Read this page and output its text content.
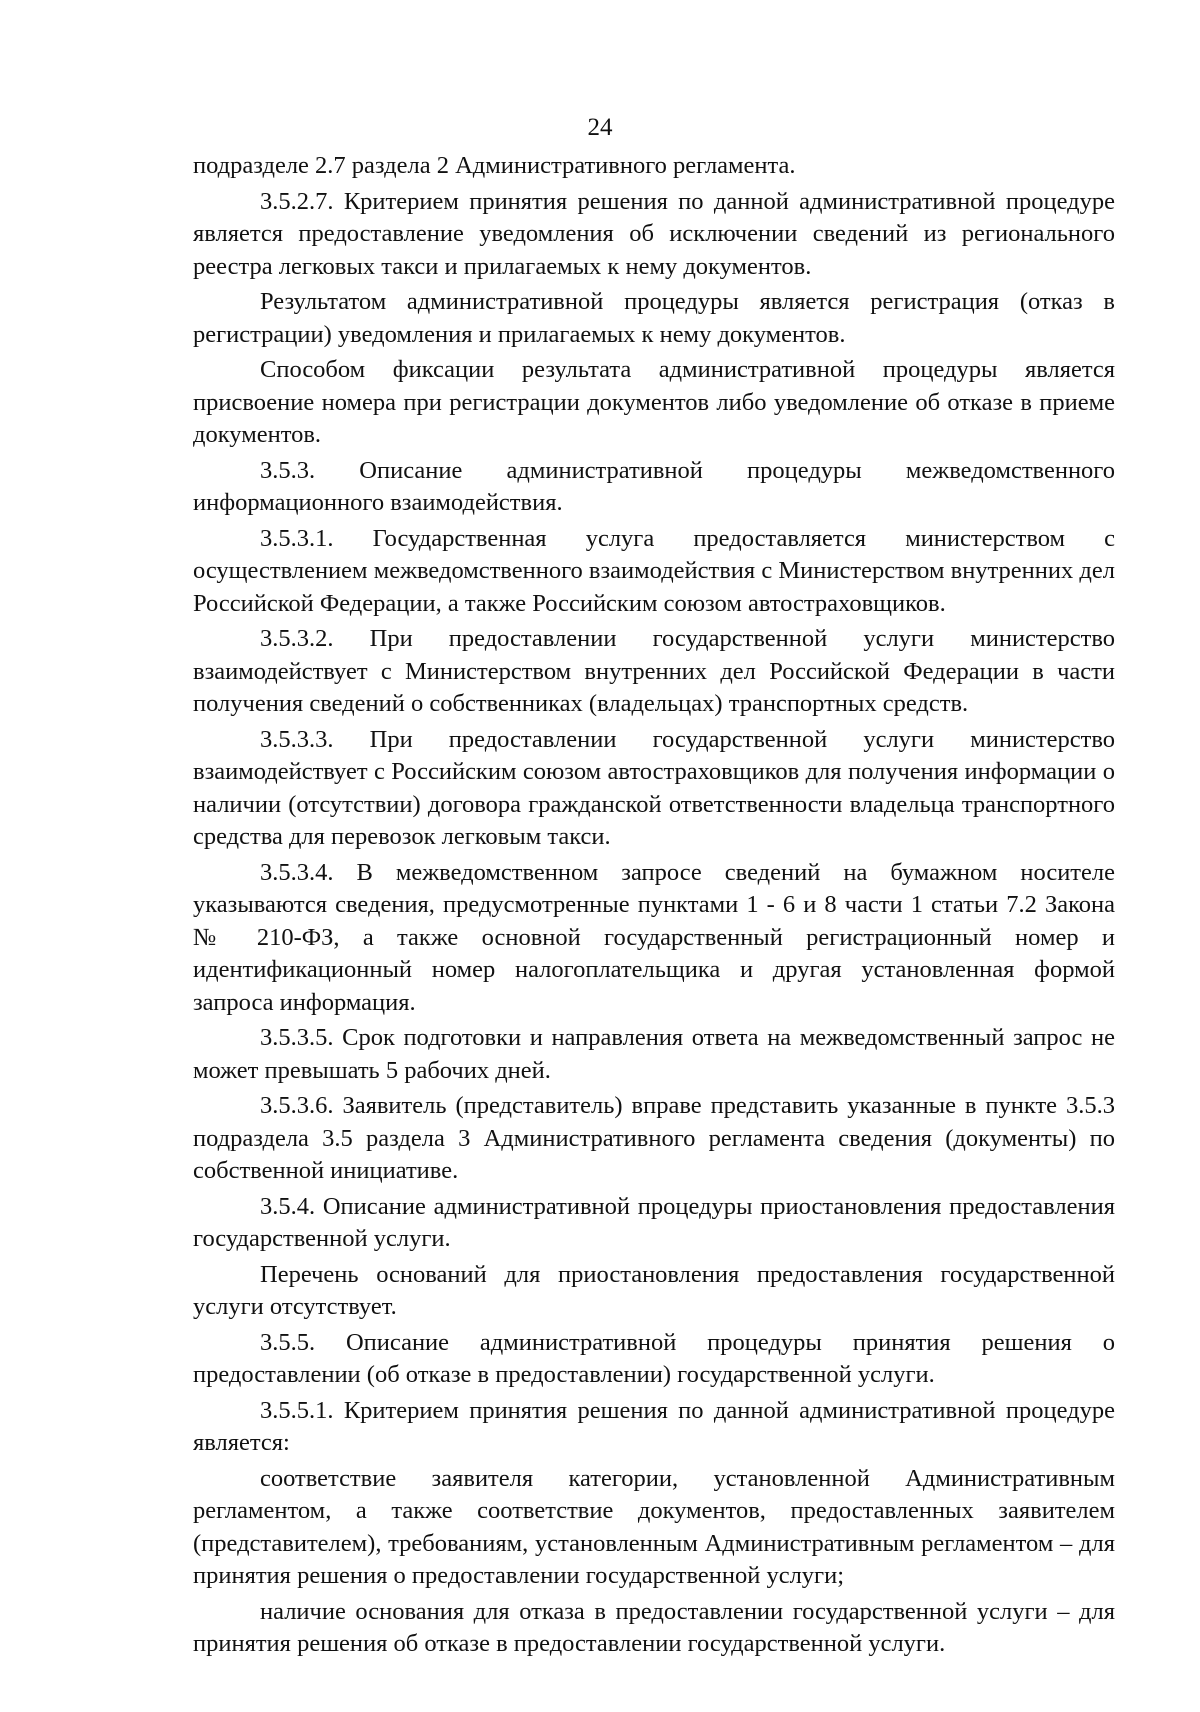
24

подразделе 2.7 раздела 2 Административного регламента.

3.5.2.7. Критерием принятия решения по данной административной процедуре является предоставление уведомления об исключении сведений из регионального реестра легковых такси и прилагаемых к нему документов.

Результатом административной процедуры является регистрация (отказ в регистрации) уведомления и прилагаемых к нему документов.

Способом фиксации результата административной процедуры является присвоение номера при регистрации документов либо уведомление об отказе в приеме документов.

3.5.3. Описание административной процедуры межведомственного информационного взаимодействия.

3.5.3.1. Государственная услуга предоставляется министерством с осуществлением межведомственного взаимодействия с Министерством внутренних дел Российской Федерации, а также Российским союзом автостраховщиков.

3.5.3.2. При предоставлении государственной услуги министерство взаимодействует с Министерством внутренних дел Российской Федерации в части получения сведений о собственниках (владельцах) транспортных средств.

3.5.3.3. При предоставлении государственной услуги министерство взаимодействует с Российским союзом автостраховщиков для получения информации о наличии (отсутствии) договора гражданской ответственности владельца транспортного средства для перевозок легковым такси.

3.5.3.4. В межведомственном запросе сведений на бумажном носителе указываются сведения, предусмотренные пунктами 1 - 6 и 8 части 1 статьи 7.2 Закона № 210-ФЗ, а также основной государственный регистрационный номер и идентификационный номер налогоплательщика и другая установленная формой запроса информация.

3.5.3.5. Срок подготовки и направления ответа на межведомственный запрос не может превышать 5 рабочих дней.

3.5.3.6. Заявитель (представитель) вправе представить указанные в пункте 3.5.3 подраздела 3.5 раздела 3 Административного регламента сведения (документы) по собственной инициативе.

3.5.4. Описание административной процедуры приостановления предоставления государственной услуги.

Перечень оснований для приостановления предоставления государственной услуги отсутствует.

3.5.5. Описание административной процедуры принятия решения о предоставлении (об отказе в предоставлении) государственной услуги.

3.5.5.1. Критерием принятия решения по данной административной процедуре является:

соответствие заявителя категории, установленной Административным регламентом, а также соответствие документов, предоставленных заявителем (представителем), требованиям, установленным Административным регламентом – для принятия решения о предоставлении государственной услуги;

наличие основания для отказа в предоставлении государственной услуги – для принятия решения об отказе в предоставлении государственной услуги.
